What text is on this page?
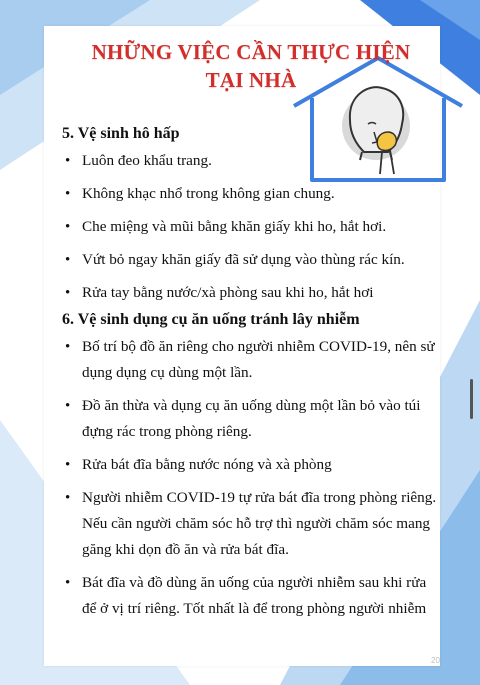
NHỮNG VIỆC CẦN THỰC HIỆN
TẠI NHÀ
5. Vệ sinh hô hấp
• Luôn đeo khẩu trang.
• Không khạc nhổ trong không gian chung.
• Che miệng và mũi bằng khăn giấy khi ho, hắt hơi.
• Vứt bỏ ngay khăn giấy đã sử dụng vào thùng rác kín.
• Rửa tay bằng nước/xà phòng sau khi ho, hắt hơi
6. Vệ sinh dụng cụ ăn uống tránh lây nhiễm
• Bố trí bộ đồ ăn riêng cho người nhiễm COVID-19, nên sử dụng dụng cụ dùng một lần.
• Đồ ăn thừa và dụng cụ ăn uống dùng một lần bỏ vào túi đựng rác trong phòng riêng.
• Rửa bát đĩa bằng nước nóng và xà phòng
• Người nhiễm COVID-19 tự rửa bát đĩa trong phòng riêng. Nếu cần người chăm sóc hỗ trợ thì người chăm sóc mang găng khi dọn đồ ăn và rửa bát đĩa.
• Bát đĩa và đồ dùng ăn uống của người nhiễm sau khi rửa để ở vị trí riêng. Tốt nhất là để trong phòng người nhiễm
20
